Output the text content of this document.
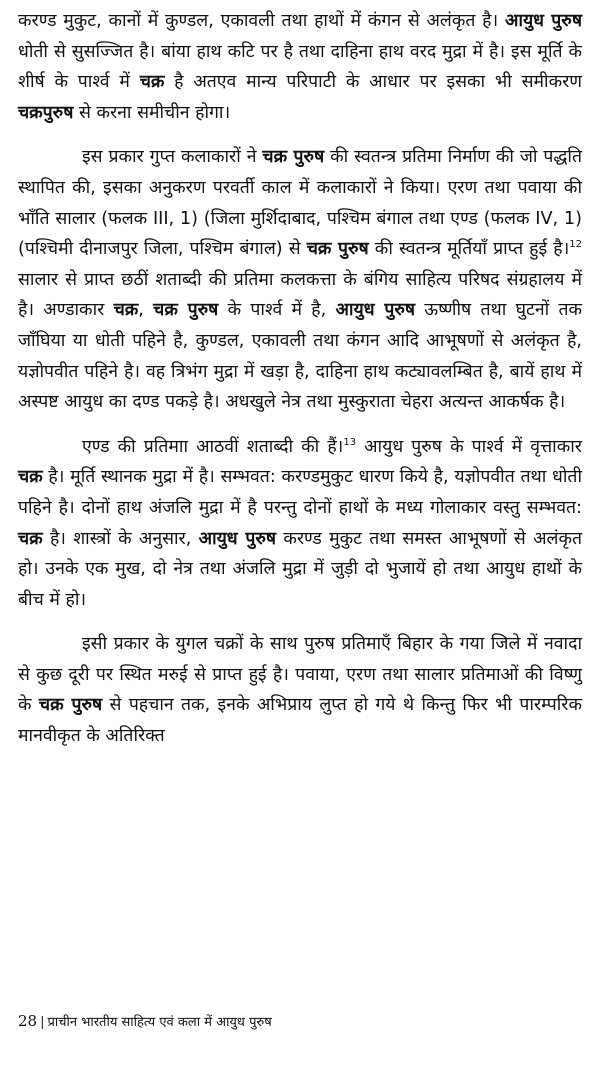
करण्ड मुकुट, कानों में कुण्डल, एकावली तथा हाथों में कंगन से अलंकृत है। आयुध पुरुष धोती से सुसज्जित है। बांया हाथ कटि पर है तथा दाहिना हाथ वरद मुद्रा में है। इस मूर्ति के शीर्ष के पार्श्व में चक्र है अतएव मान्य परिपाटी के आधार पर इसका भी समीकरण चक्रपुरुष से करना समीचीन होगा।

इस प्रकार गुप्त कलाकारों ने चक्र पुरुष की स्वतन्त्र प्रतिमा निर्माण की जो पद्धति स्थापित की, इसका अनुकरण परवर्ती काल में कलाकारों ने किया। एरण तथा पवाया की भाँति सालार (फलक III, 1) (जिला मुर्शिदाबाद, पश्चिम बंगाल तथा एण्ड (फलक IV, 1) (पश्चिमी दीनाजपुर जिला, पश्चिम बंगाल) से चक्र पुरुष की स्वतन्त्र मूर्तियाँ प्राप्त हुई है।$^{12}$ सालार से प्राप्त छठीं शताब्दी की प्रतिमा कलकत्ता के बंगिय साहित्य परिषद संग्रहालय में है। अण्डाकार चक्र, चक्र पुरुष के पार्श्व में है, आयुध पुरुष ऊष्णीष तथा घुटनों तक जाँघिया या धोती पहिने है, कुण्डल, एकावली तथा कंगन आदि आभूषणों से अलंकृत है, यज्ञोपवीत पहिने है। वह त्रिभंग मुद्रा में खड़ा है, दाहिना हाथ कट्यावलम्बित है, बायें हाथ में अस्पष्ट आयुध का दण्ड पकड़े है। अधखुले नेत्र तथा मुस्कुराता चेहरा अत्यन्त आकर्षक है।

एण्ड की प्रतिमाा आठवीं शताब्दी की हैं।$^{13}$ आयुध पुरुष के पार्श्व में वृत्ताकार चक्र है। मूर्ति स्थानक मुद्रा में है। सम्भवत: करण्डमुकुट धारण किये है, यज्ञोपवीत तथा धोती पहिने है। दोनों हाथ अंजलि मुद्रा में है परन्तु दोनों हाथों के मध्य गोलाकार वस्तु सम्भवत: चक्र है। शास्त्रों के अनुसार, आयुध पुरुष करण्ड मुकुट तथा समस्त आभूषणों से अलंकृत हो। उनके एक मुख, दो नेत्र तथा अंजलि मुद्रा में जुड़ी दो भुजायें हो तथा आयुध हाथों के बीच में हो।

इसी प्रकार के युगल चक्रों के साथ पुरुष प्रतिमाएँ बिहार के गया जिले में नवादा से कुछ दूरी पर स्थित मरुई से प्राप्त हुई है। पवाया, एरण तथा सालार प्रतिमाओं की विष्णु के चक्र पुरुष से पहचान तक, इनके अभिप्राय लुप्त हो गये थे किन्तु फिर भी पारम्परिक मानवीकृत के अतिरिक्त

28 | प्राचीन भारतीय साहित्य एवं कला में आयुध पुरुष
